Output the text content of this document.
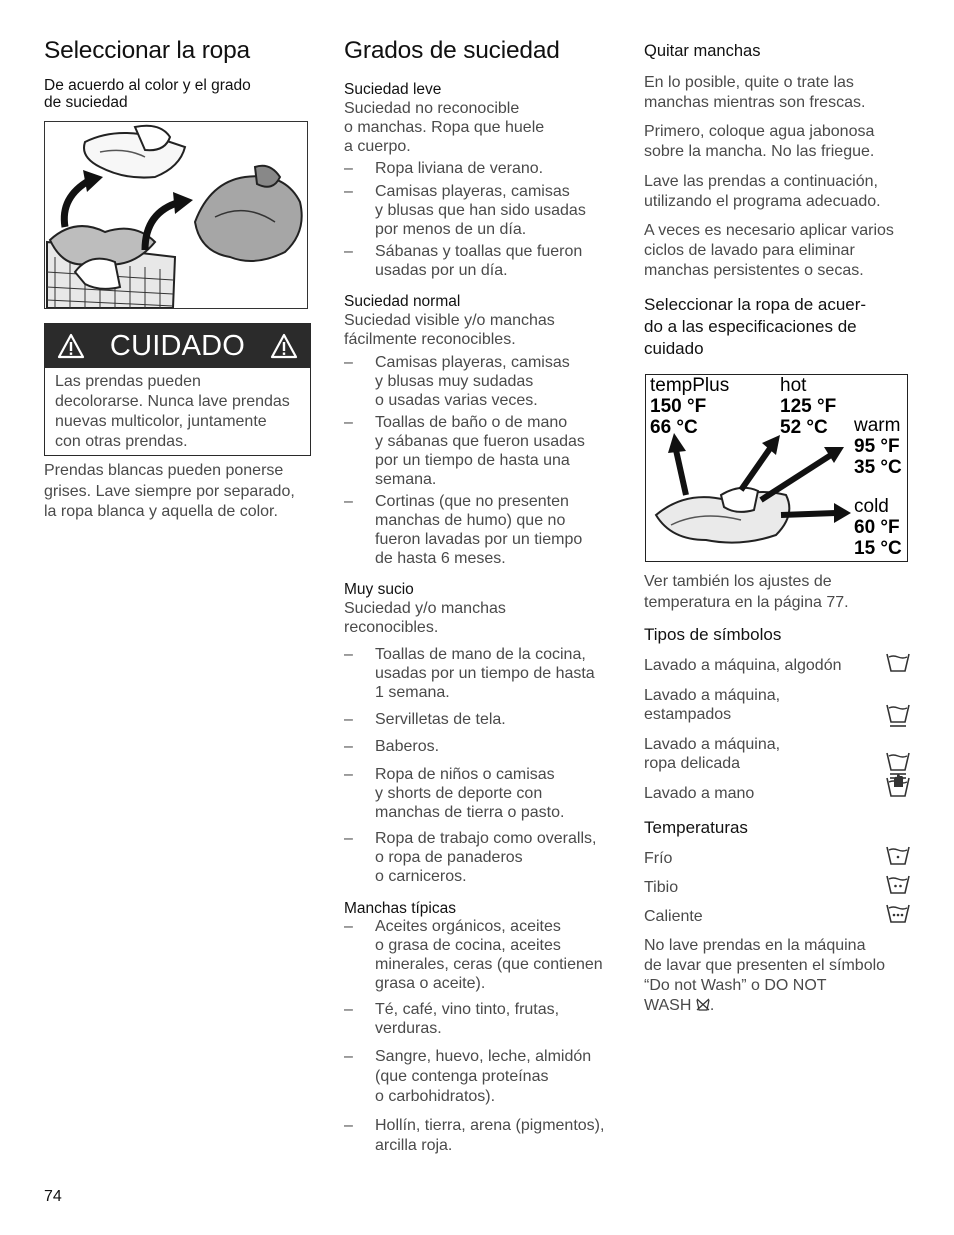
Seleccionar la ropa
De acuerdo al color y el grado
de suciedad
CUIDADO
Las prendas pueden
decolorarse. Nunca lave prendas
nuevas multicolor, juntamente
con otras prendas.
Prendas blancas pueden ponerse
grises. Lave siempre por separado,
la ropa blanca y aquella de color.
Grados de suciedad
Suciedad leve
Suciedad no reconocible
o manchas. Ropa que huele
a cuerpo.
– Ropa liviana de verano.
– Camisas playeras, camisas
y blusas que han sido usadas
por menos de un día.
– Sábanas y toallas que fueron
usadas por un día.
Suciedad normal
Suciedad visible y/o manchas
fácilmente reconocibles.
– Camisas playeras, camisas
y blusas muy sudadas
o usadas varias veces.
– Toallas de baño o de mano
y sábanas que fueron usadas
por un tiempo de hasta una
semana.
– Cortinas (que no presenten
manchas de humo) que no
fueron lavadas por un tiempo
de hasta 6 meses.
Muy sucio
Suciedad y/o manchas
reconocibles.
– Toallas de mano de la cocina,
usadas por un tiempo de hasta
1 semana.
– Servilletas de tela.
– Baberos.
– Ropa de niños o camisas
y shorts de deporte con
manchas de tierra o pasto.
– Ropa de trabajo como overalls,
o ropa de panaderos
o carniceros.
Manchas típicas
– Aceites orgánicos, aceites
o grasa de cocina, aceites
minerales, ceras (que contienen
grasa o aceite).
– Té, café, vino tinto, frutas,
verduras.
– Sangre, huevo, leche, almidón
(que contenga proteínas
o carbohidratos).
– Hollín, tierra, arena (pigmentos),
arcilla roja.
Quitar manchas
En lo posible, quite o trate las
manchas mientras son frescas.
Primero, coloque agua jabonosa
sobre la mancha. No las friegue.
Lave las prendas a continuación,
utilizando el programa adecuado.
A veces es necesario aplicar varios
ciclos de lavado para eliminar
manchas persistentes o secas.
Seleccionar la ropa de acuer-
do a las especificaciones de
cuidado
tempPlus
150 °F
66 °C
hot
125 °F
52 °C	warm
95 °F
35 °C
cold
60 °F
15 °C
Ver también los ajustes de
temperatura en la página 77.
Tipos de símbolos
Lavado a máquina, algodón
Lavado a máquina,
estampados
Lavado a máquina,
ropa delicada
Lavado a mano
Temperaturas
Frío
Tibio
Caliente
No lave prendas en la máquina
de lavar que presenten el símbolo
“Do not Wash” o DO NOT
WASH .
74
